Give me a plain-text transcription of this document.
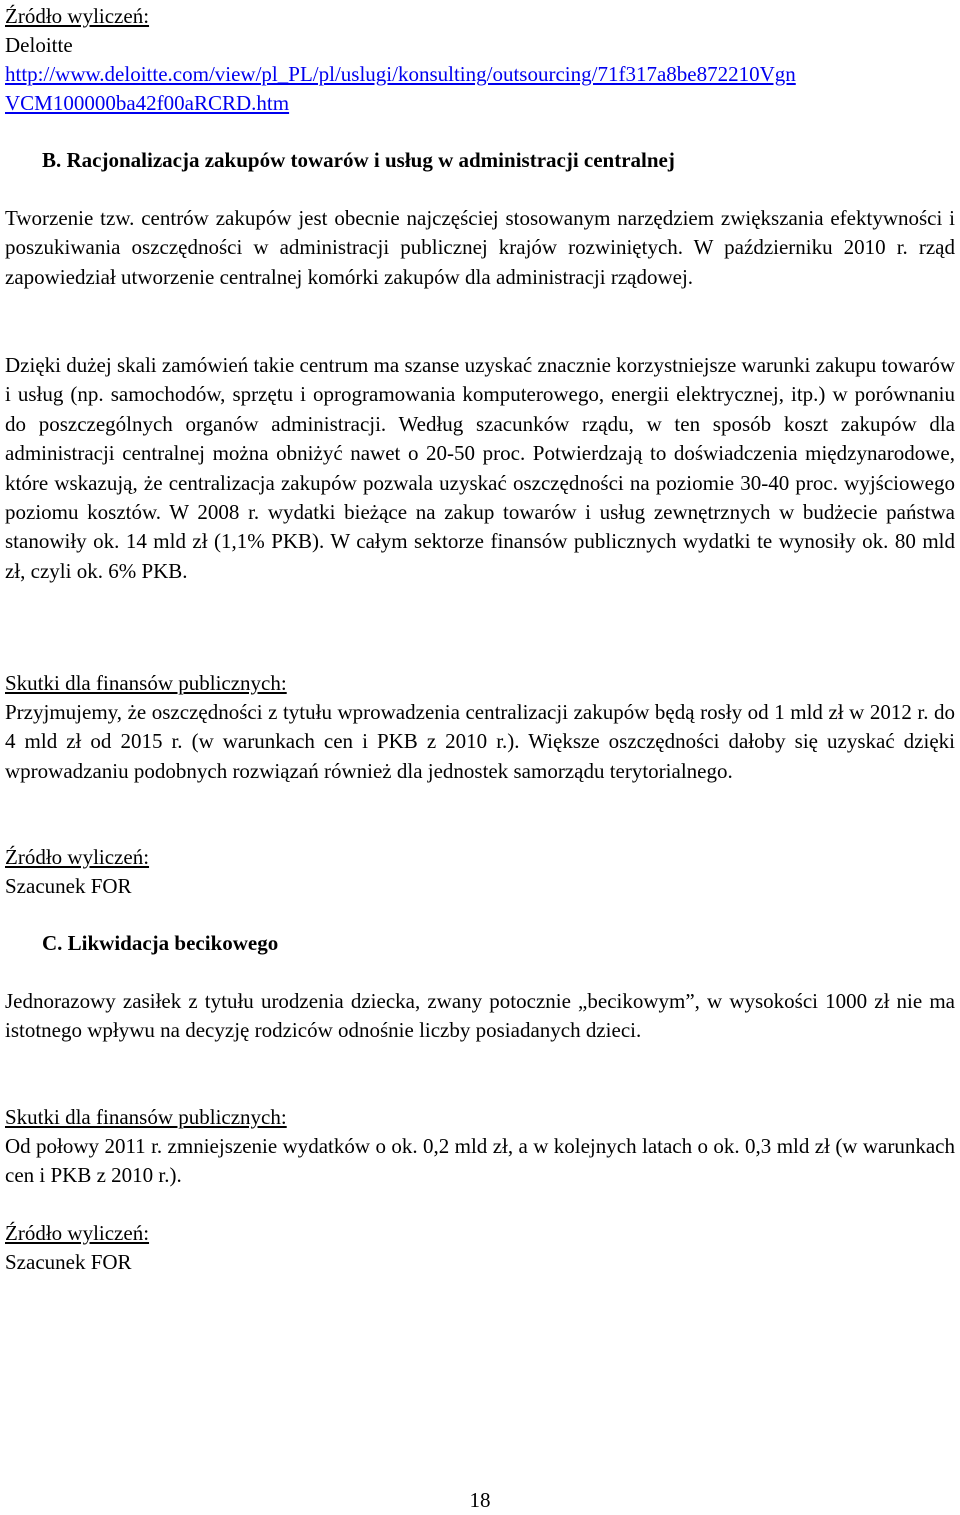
Źródło wyliczeń:
Deloitte
http://www.deloitte.com/view/pl_PL/pl/uslugi/konsulting/outsourcing/71f317a8be872210Vgn
VCM100000ba42f00aRCRD.htm
B. Racjonalizacja zakupów towarów i usług w administracji centralnej
Tworzenie tzw. centrów zakupów jest obecnie najczęściej stosowanym narzędziem zwiększania efektywności i poszukiwania oszczędności w administracji publicznej krajów rozwiniętych. W październiku 2010 r. rząd zapowiedział utworzenie centralnej komórki zakupów dla administracji rządowej.
Dzięki dużej skali zamówień takie centrum ma szanse uzyskać znacznie korzystniejsze warunki zakupu towarów i usług (np. samochodów, sprzętu i oprogramowania komputerowego, energii elektrycznej, itp.) w porównaniu do poszczególnych organów administracji. Według szacunków rządu, w ten sposób koszt zakupów dla administracji centralnej można obniżyć nawet o 20-50 proc. Potwierdzają to doświadczenia międzynarodowe, które wskazują, że centralizacja zakupów pozwala uzyskać oszczędności na poziomie 30-40 proc. wyjściowego poziomu kosztów. W 2008 r. wydatki bieżące na zakup towarów i usług zewnętrznych w budżecie państwa stanowiły ok. 14 mld zł (1,1% PKB). W całym sektorze finansów publicznych wydatki te wynosiły ok. 80 mld zł, czyli ok. 6% PKB.
Skutki dla finansów publicznych:
Przyjmujemy, że oszczędności z tytułu wprowadzenia centralizacji zakupów będą rosły od 1 mld zł w 2012 r. do 4 mld zł od 2015 r. (w warunkach cen i PKB z 2010 r.). Większe oszczędności dałoby się uzyskać dzięki wprowadzaniu podobnych rozwiązań również dla jednostek samorządu terytorialnego.
Źródło wyliczeń:
Szacunek FOR
C. Likwidacja becikowego
Jednorazowy zasiłek z tytułu urodzenia dziecka, zwany potocznie „becikowym”, w wysokości 1000 zł nie ma istotnego wpływu na decyzję rodziców odnośnie liczby posiadanych dzieci.
Skutki dla finansów publicznych:
Od połowy 2011 r. zmniejszenie wydatków o ok. 0,2 mld zł, a w kolejnych latach o ok. 0,3 mld zł (w warunkach cen i PKB z 2010 r.).
Źródło wyliczeń:
Szacunek FOR
18
